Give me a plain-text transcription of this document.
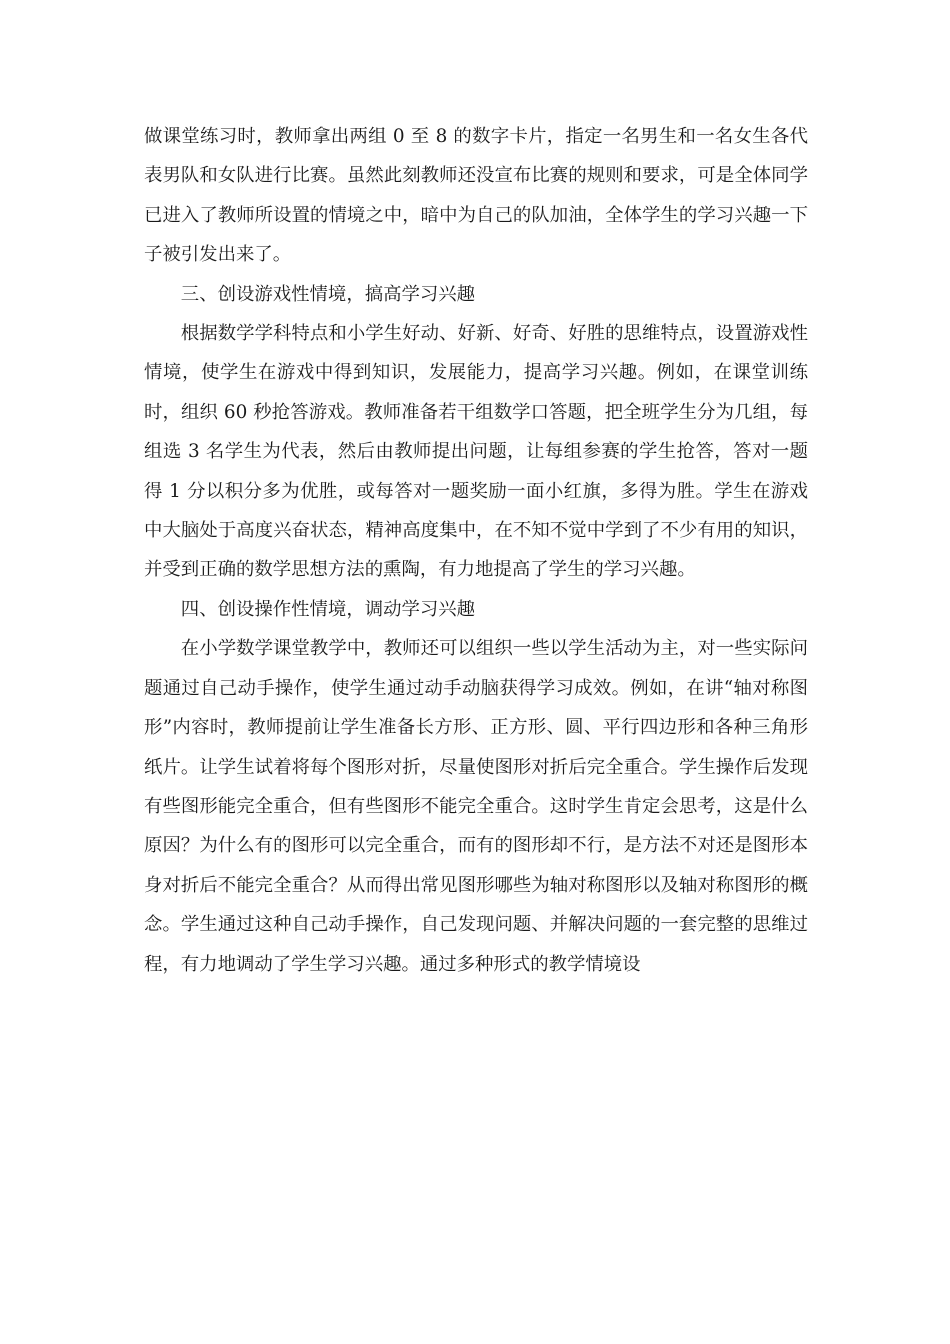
做课堂练习时，教师拿出两组 0 至 8 的数字卡片，指定一名男生和一名女生各代表男队和女队进行比赛。虽然此刻教师还没宣布比赛的规则和要求，可是全体同学已进入了教师所设置的情境之中，暗中为自己的队加油，全体学生的学习兴趣一下子被引发出来了。

三、创设游戏性情境，搞高学习兴趣

根据数学学科特点和小学生好动、好新、好奇、好胜的思维特点，设置游戏性情境，使学生在游戏中得到知识，发展能力，提高学习兴趣。例如，在课堂训练时，组织 60 秒抢答游戏。教师准备若干组数学口答题，把全班学生分为几组，每组选 3 名学生为代表，然后由教师提出问题，让每组参赛的学生抢答，答对一题得 1 分以积分多为优胜，或每答对一题奖励一面小红旗，多得为胜。学生在游戏中大脑处于高度兴奋状态，精神高度集中，在不知不觉中学到了不少有用的知识，并受到正确的数学思想方法的熏陶，有力地提高了学生的学习兴趣。

四、创设操作性情境，调动学习兴趣

在小学数学课堂教学中，教师还可以组织一些以学生活动为主，对一些实际问题通过自己动手操作，使学生通过动手动脑获得学习成效。例如，在讲“轴对称图形”内容时，教师提前让学生准备长方形、正方形、圆、平行四边形和各种三角形纸片。让学生试着将每个图形对折，尽量使图形对折后完全重合。学生操作后发现有些图形能完全重合，但有些图形不能完全重合。这时学生肯定会思考，这是什么原因？为什么有的图形可以完全重合，而有的图形却不行，是方法不对还是图形本身对折后不能完全重合？从而得出常见图形哪些为轴对称图形以及轴对称图形的概念。学生通过这种自己动手操作，自己发现问题、并解决问题的一套完整的思维过程，有力地调动了学生学习兴趣。通过多种形式的教学情境设
